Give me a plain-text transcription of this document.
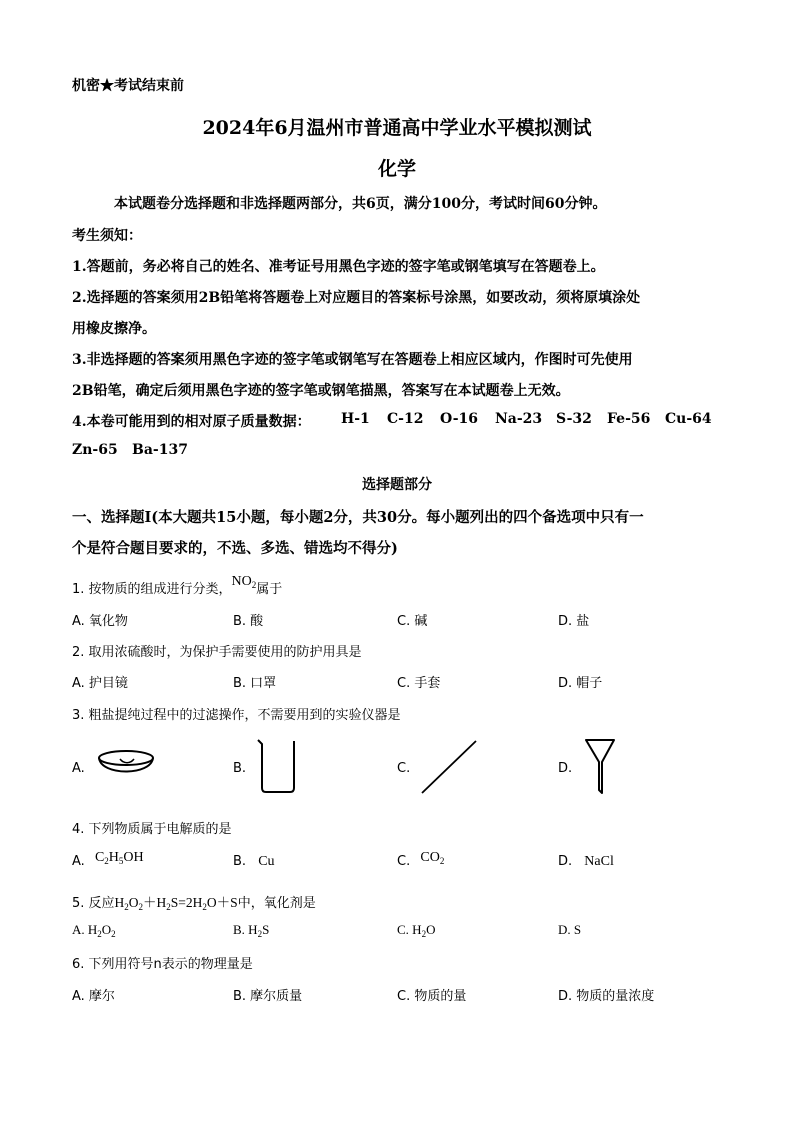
机密★考试结束前
2024年6月温州市普通高中学业水平模拟测试
化学
本试题卷分选择题和非选择题两部分，共6页，满分100分，考试时间60分钟。
考生须知：
1.答题前，务必将自己的姓名、准考证号用黑色字迹的签字笔或钢笔填写在答题卷上。
2.选择题的答案须用2B铅笔将答题卷上对应题目的答案标号涂黑，如要改动，须将原填涂处
用橡皮擦净。
3.非选择题的答案须用黑色字迹的签字笔或钢笔写在答题卷上相应区域内，作图时可先使用
2B铅笔，确定后须用黑色字迹的签字笔或钢笔描黑，答案写在本试题卷上无效。
4.本卷可能用到的相对原子质量数据： H-1 C-12 O-16 Na-23 S-32 Fe-56 Cu-64
Zn-65 Ba-137
选择题部分
一、选择题Ⅰ(本大题共15小题，每小题2分，共30分。每小题列出的四个备选项中只有一
个是符合题目要求的，不选、多选、错选均不得分)
1. 按物质的组成进行分类，$NO_2$属于
A. 氧化物	B. 酸	C. 碱	D. 盐
2. 取用浓硫酸时，为保护手需要使用的防护用具是
A. 护目镜	B. 口罩	C. 手套	D. 帽子
3. 粗盐提纯过程中的过滤操作，不需要用到的实验仪器是
A.	B.	C.	D.
4. 下列物质属于电解质的是
A. $C_2H_5OH$	B. Cu	C. $CO_2$	D. NaCl
5. 反应$H_2O_2+H_2S=2H_2O+S$中，氧化剂是
A. $H_2O_2$	B. $H_2S$	C. $H_2O$	D. S
6. 下列用符号n表示的物理量是
A. 摩尔	B. 摩尔质量	C. 物质的量	D. 物质的量浓度
